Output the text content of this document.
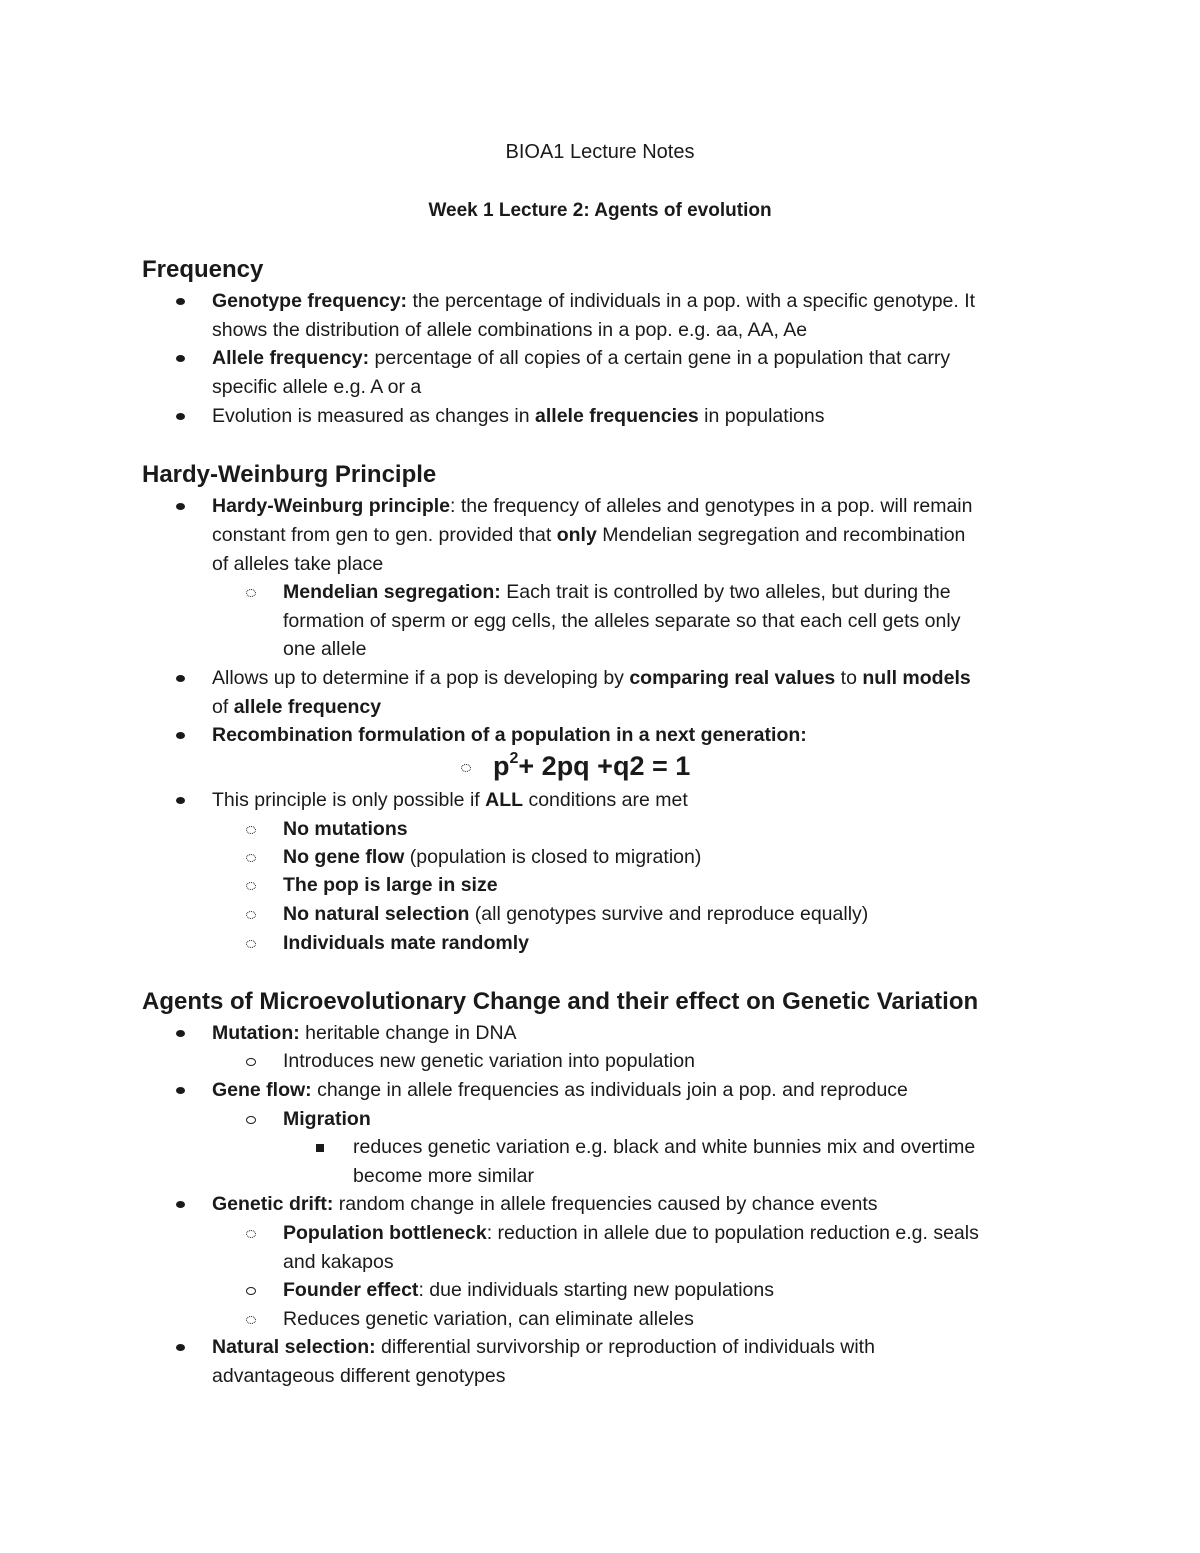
BIOA1 Lecture Notes
Week 1 Lecture 2: Agents of evolution
Frequency
Genotype frequency: the percentage of individuals in a pop. with a specific genotype. It
shows the distribution of allele combinations in a pop. e.g. aa, AA, Ae
Allele frequency: percentage of all copies of a certain gene in a population that carry
specific allele e.g. A or a
Evolution is measured as changes in allele frequencies in populations
Hardy-Weinburg Principle
Hardy-Weinburg principle: the frequency of alleles and genotypes in a pop. will remain
constant from gen to gen. provided that only Mendelian segregation and recombination
of alleles take place
Mendelian segregation: Each trait is controlled by two alleles, but during the
formation of sperm or egg cells, the alleles separate so that each cell gets only
one allele
Allows up to determine if a pop is developing by comparing real values to null models
of allele frequency
Recombination formulation of a population in a next generation:
$p^2+ 2pq +q2 = 1$
This principle is only possible if ALL conditions are met
No mutations
No gene flow (population is closed to migration)
The pop is large in size
No natural selection (all genotypes survive and reproduce equally)
Individuals mate randomly
Agents of Microevolutionary Change and their effect on Genetic Variation
Mutation: heritable change in DNA
Introduces new genetic variation into population
Gene flow: change in allele frequencies as individuals join a pop. and reproduce
Migration
reduces genetic variation e.g. black and white bunnies mix and overtime
become more similar
Genetic drift: random change in allele frequencies caused by chance events
Population bottleneck: reduction in allele due to population reduction e.g. seals
and kakapos
Founder effect: due individuals starting new populations
Reduces genetic variation, can eliminate alleles
Natural selection: differential survivorship or reproduction of individuals with
advantageous different genotypes
